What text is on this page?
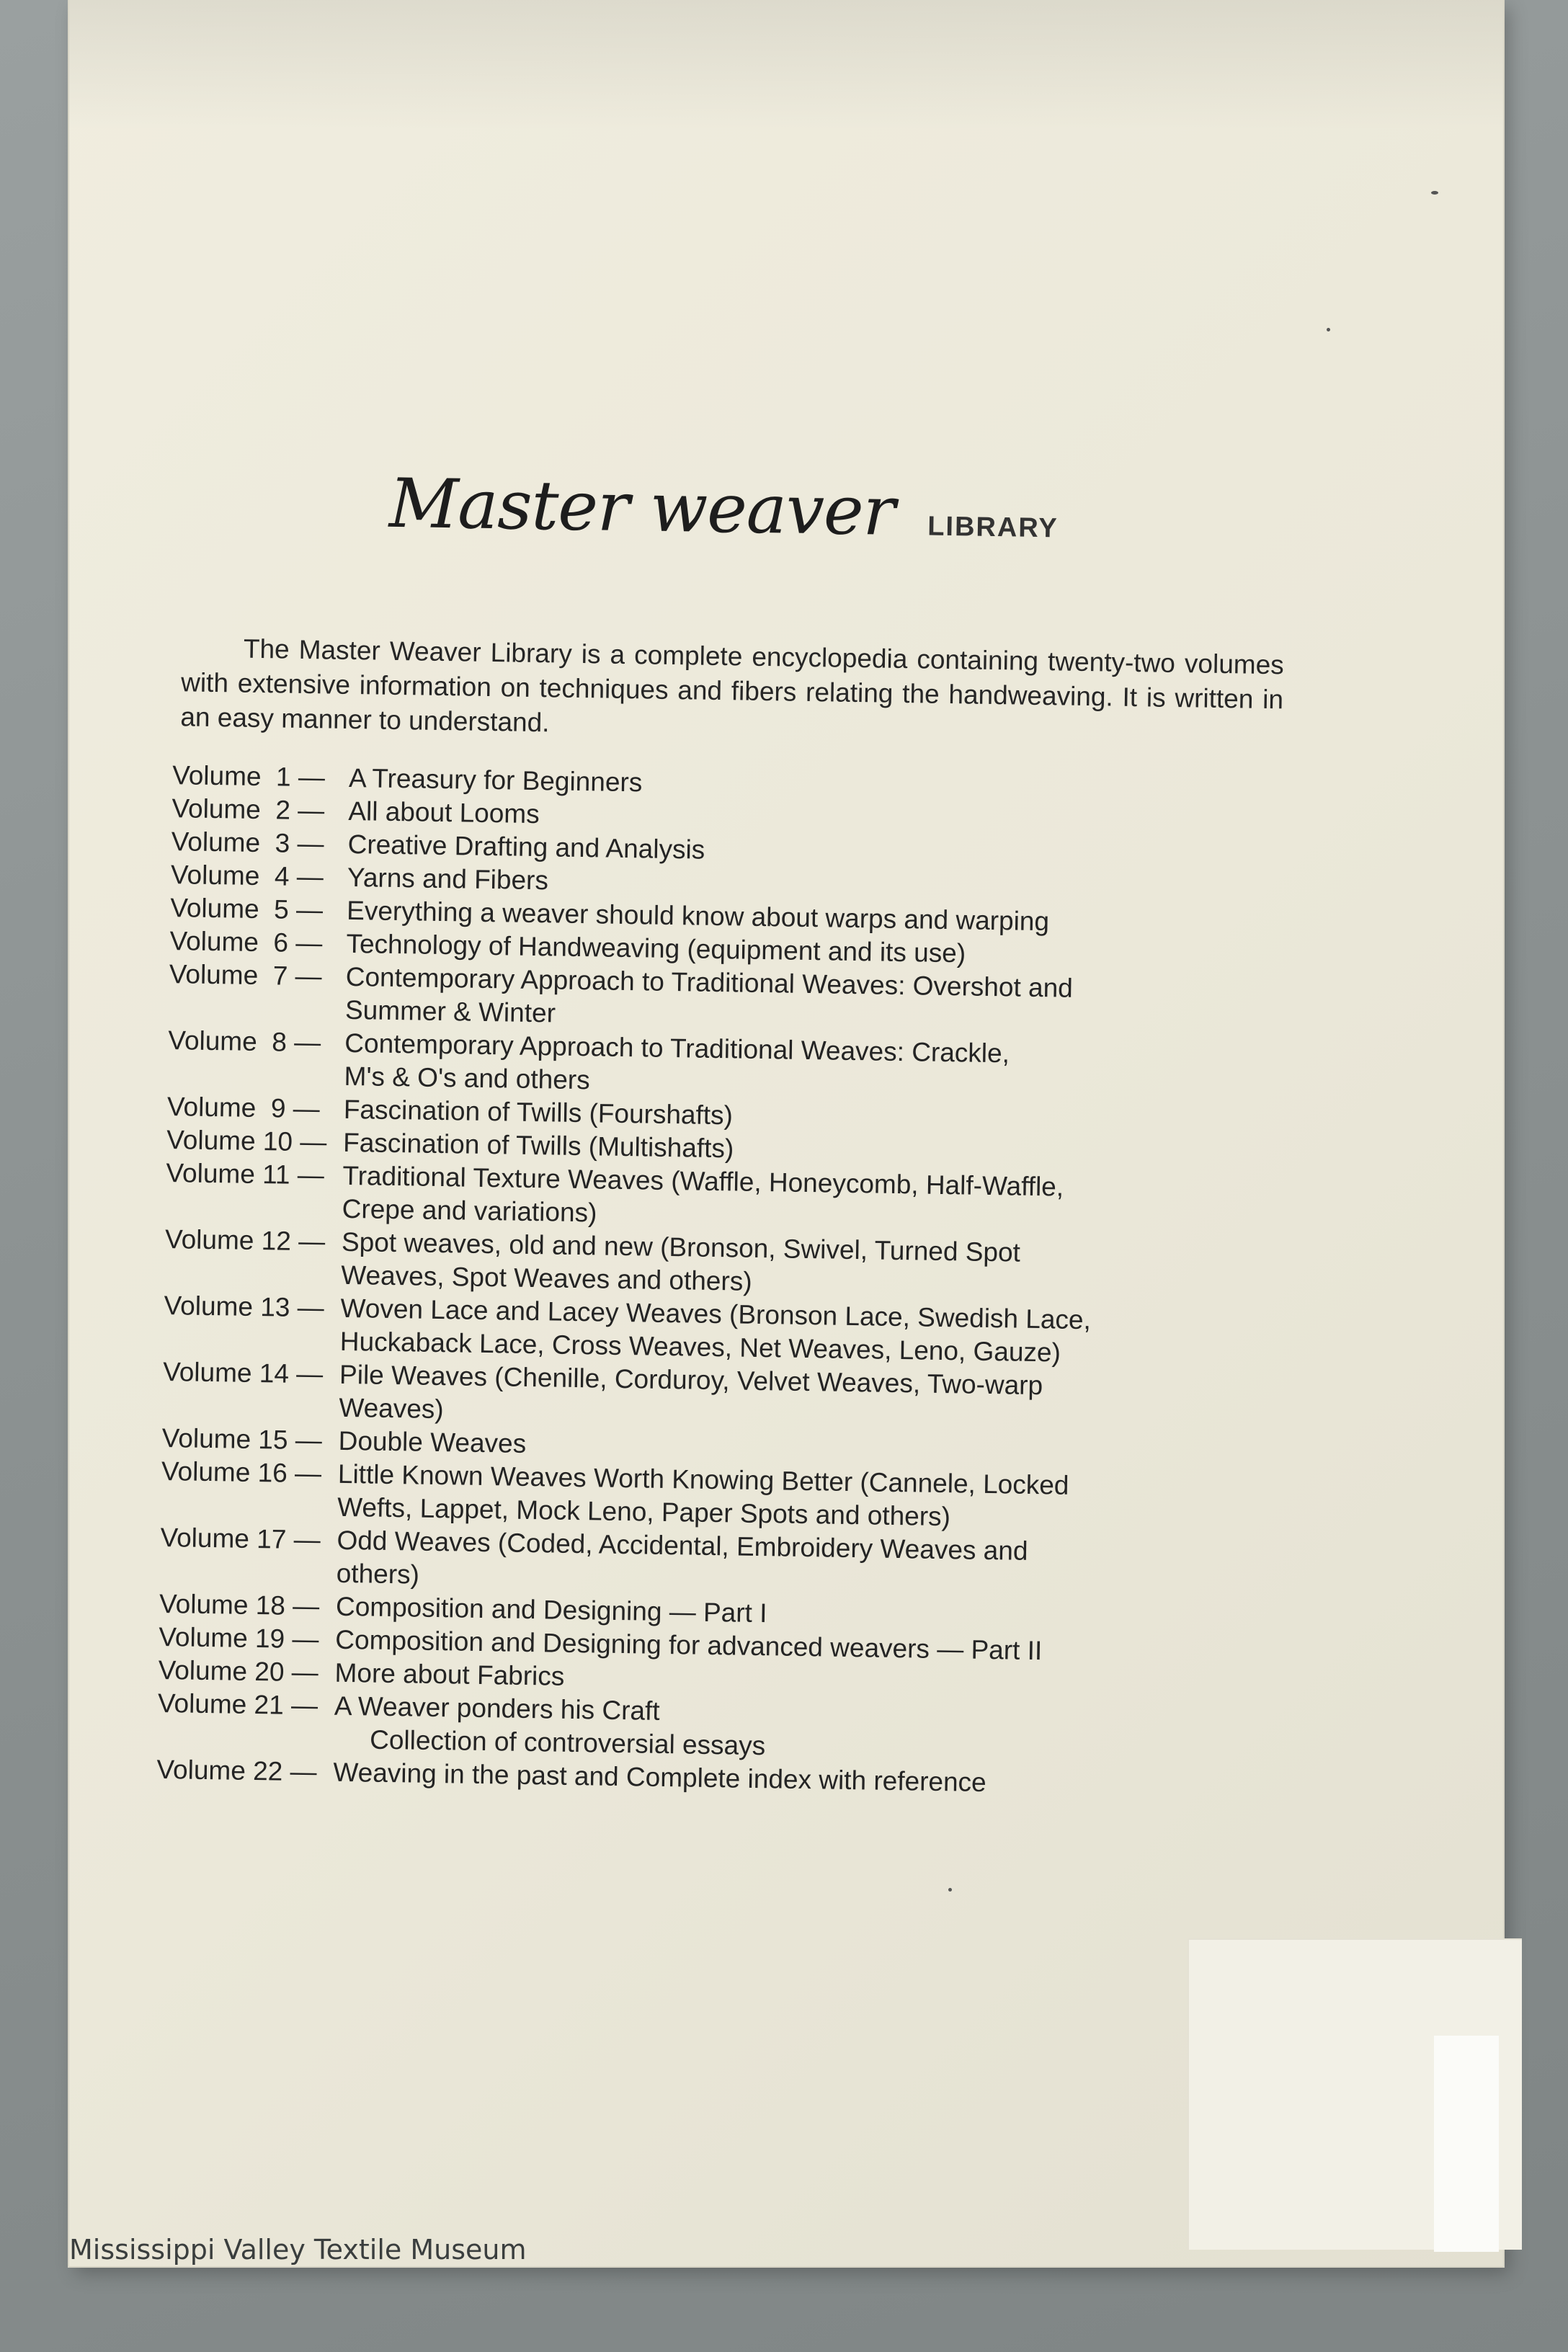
Master weaver LIBRARY

The Master Weaver Library is a complete encyclopedia containing twenty-two volumes with extensive information on techniques and fibers relating the handweaving. It is written in an easy manner to understand.

Volume  1 — A Treasury for Beginners
Volume  2 — All about Looms
Volume  3 — Creative Drafting and Analysis
Volume  4 — Yarns and Fibers
Volume  5 — Everything a weaver should know about warps and warping
Volume  6 — Technology of Handweaving (equipment and its use)
Volume  7 — Contemporary Approach to Traditional Weaves: Overshot and
Summer & Winter
Volume  8 — Contemporary Approach to Traditional Weaves: Crackle,
M's & O's and others
Volume  9 — Fascination of Twills (Fourshafts)
Volume 10 — Fascination of Twills (Multishafts)
Volume 11 — Traditional Texture Weaves (Waffle, Honeycomb, Half-Waffle,
Crepe and variations)
Volume 12 — Spot weaves, old and new (Bronson, Swivel, Turned Spot
Weaves, Spot Weaves and others)
Volume 13 — Woven Lace and Lacey Weaves (Bronson Lace, Swedish Lace,
Huckaback Lace, Cross Weaves, Net Weaves, Leno, Gauze)
Volume 14 — Pile Weaves (Chenille, Corduroy, Velvet Weaves, Two-warp
Weaves)
Volume 15 — Double Weaves
Volume 16 — Little Known Weaves Worth Knowing Better (Cannele, Locked
Wefts, Lappet, Mock Leno, Paper Spots and others)
Volume 17 — Odd Weaves (Coded, Accidental, Embroidery Weaves and
others)
Volume 18 — Composition and Designing — Part I
Volume 19 — Composition and Designing for advanced weavers — Part II
Volume 20 — More about Fabrics
Volume 21 — A Weaver ponders his Craft
Collection of controversial essays
Volume 22 — Weaving in the past and Complete index with reference
Mississippi Valley Textile Museum
